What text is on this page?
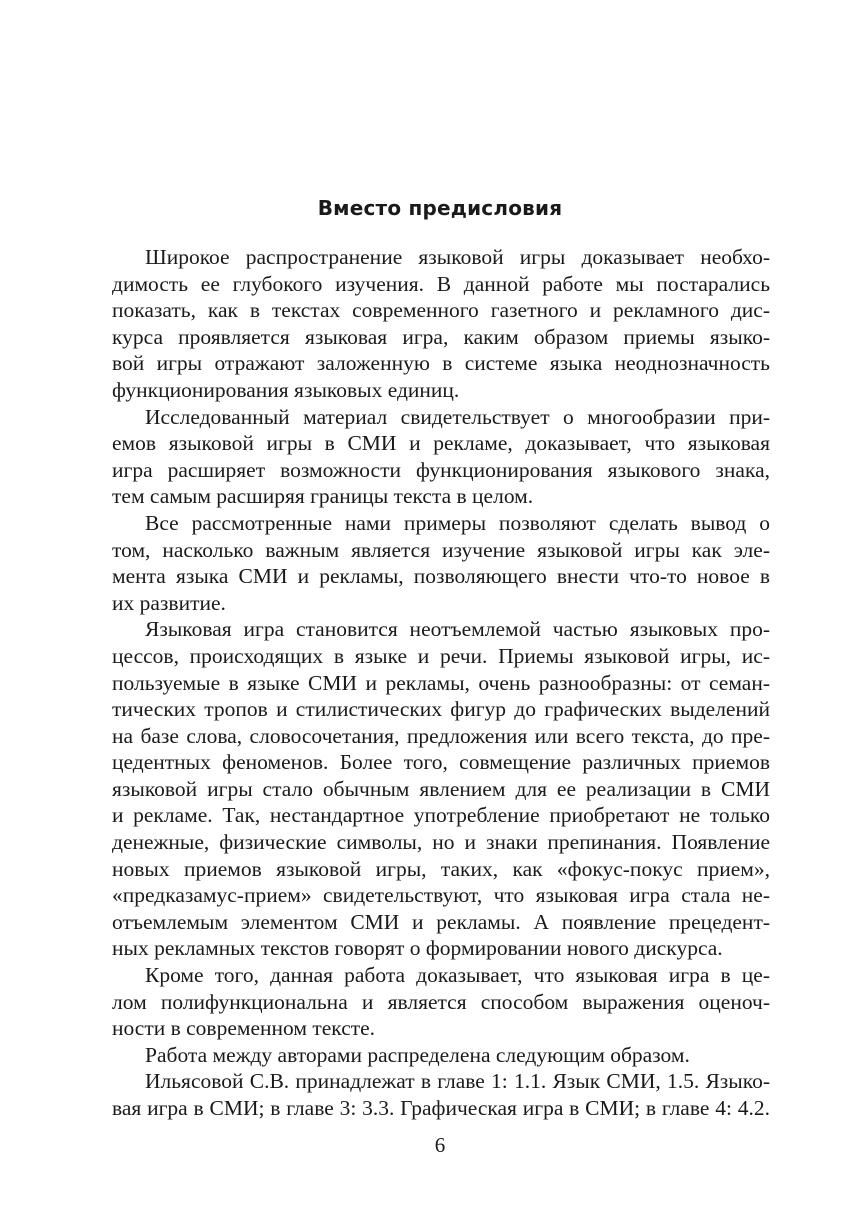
Вместо предисловия
Широкое распространение языковой игры доказывает необхо-
димость ее глубокого изучения. В данной работе мы постарались
показать, как в текстах современного газетного и рекламного дис-
курса проявляется языковая игра, каким образом приемы языко-
вой игры отражают заложенную в системе языка неоднозначность
функционирования языковых единиц.
Исследованный материал свидетельствует о многообразии при-
емов языковой игры в СМИ и рекламе, доказывает, что языковая
игра расширяет возможности функционирования языкового знака,
тем самым расширяя границы текста в целом.
Все рассмотренные нами примеры позволяют сделать вывод о
том, насколько важным является изучение языковой игры как эле-
мента языка СМИ и рекламы, позволяющего внести что-то новое в
их развитие.
Языковая игра становится неотъемлемой частью языковых про-
цессов, происходящих в языке и речи. Приемы языковой игры, ис-
пользуемые в языке СМИ и рекламы, очень разнообразны: от семан-
тических тропов и стилистических фигур до графических выделений
на базе слова, словосочетания, предложения или всего текста, до пре-
цедентных феноменов. Более того, совмещение различных приемов
языковой игры стало обычным явлением для ее реализации в СМИ
и рекламе. Так, нестандартное употребление приобретают не только
денежные, физические символы, но и знаки препинания. Появление
новых приемов языковой игры, таких, как «фокус-покус прием»,
«предказамус-прием» свидетельствуют, что языковая игра стала не-
отъемлемым элементом СМИ и рекламы. А появление прецедент-
ных рекламных текстов говорят о формировании нового дискурса.
Кроме того, данная работа доказывает, что языковая игра в це-
лом полифункциональна и является способом выражения оценоч-
ности в современном тексте.
Работа между авторами распределена следующим образом.
Ильясовой С.В. принадлежат в главе 1: 1.1. Язык СМИ, 1.5. Языко-
вая игра в СМИ; в главе 3: 3.3. Графическая игра в СМИ; в главе 4: 4.2.
6
